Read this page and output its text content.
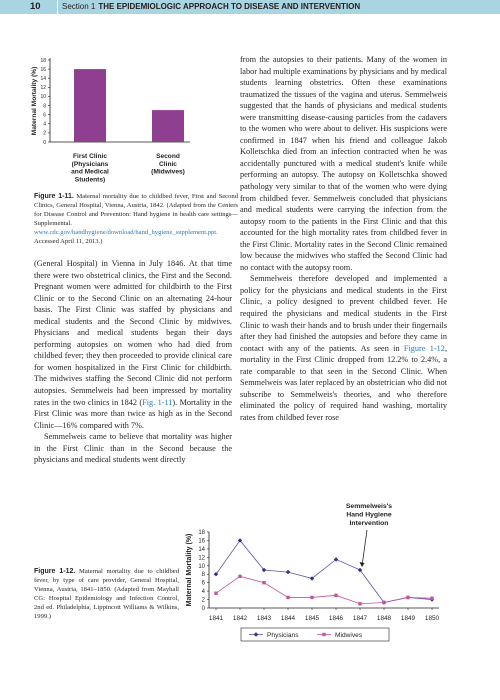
10	Section 1 THE EPIDEMIOLOGIC APPROACH TO DISEASE AND INTERVENTION
0
2
4
6
8
10
12
14
16
18
Maternal Mortality (%)
First Clinic
(Physicians
and Medical
Students)
Second
Clinic
(Midwives)
Figure 1-11. Maternal mortality due to childbed fever, First and Second Clinics, General Hospital, Vienna, Austria, 1842. (Adapted from the Centers for Disease Control and Prevention: Hand hygiene in health care settings—Supplemental. www.cdc.gov/handhygiene/download/hand_hygiene_supplement.ppt. Accessed April 11, 2013.)

(General Hospital) in Vienna in July 1846. At that time there were two obstetrical clinics, the First and the Second. Pregnant women were admitted for childbirth to the First Clinic or to the Second Clinic on an alternating 24-hour basis. The First Clinic was staffed by physicians and medical students and the Second Clinic by midwives. Physicians and medical students began their days performing autopsies on women who had died from childbed fever; they then proceeded to provide clinical care for women hospitalized in the First Clinic for childbirth. The midwives staffing the Second Clinic did not perform autopsies. Semmelweis had been impressed by mortality rates in the two clinics in 1842 (Fig. 1-11). Mortality in the First Clinic was more than twice as high as in the Second Clinic—16% compared with 7%.

Semmelweis came to believe that mortality was higher in the First Clinic than in the Second because the physicians and medical students went directly

from the autopsies to their patients. Many of the women in labor had multiple examinations by physicians and by medical students learning obstetrics. Often these examinations traumatized the tissues of the vagina and uterus. Semmelweis suggested that the hands of physicians and medical students were transmitting disease-causing particles from the cadavers to the women who were about to deliver. His suspicions were confirmed in 1847 when his friend and colleague Jakob Kolletschka died from an infection contracted when he was accidentally punctured with a medical student's knife while performing an autopsy. The autopsy on Kolletschka showed pathology very similar to that of the women who were dying from childbed fever. Semmelweis concluded that physicians and medical students were carrying the infection from the autopsy room to the patients in the First Clinic and that this accounted for the high mortality rates from childbed fever in the First Clinic. Mortality rates in the Second Clinic remained low because the midwives who staffed the Second Clinic had no contact with the autopsy room.

Semmelweis therefore developed and implemented a policy for the physicians and medical students in the First Clinic, a policy designed to prevent childbed fever. He required the physicians and medical students in the First Clinic to wash their hands and to brush under their fingernails after they had finished the autopsies and before they came in contact with any of the patients. As seen in Figure 1-12, mortality in the First Clinic dropped from 12.2% to 2.4%, a rate comparable to that seen in the Second Clinic. When Semmelweis was later replaced by an obstetrician who did not subscribe to Semmelweis's theories, and who therefore eliminated the policy of required hand washing, mortality rates from childbed fever rose

Figure 1-12. Maternal mortality due to childbed fever, by type of care provider, General Hospital, Vienna, Austria, 1841–1850. (Adapted from Mayhall CG: Hospital Epidemiology and Infection Control, 2nd ed. Philadelphia, Lippincott Williams & Wilkins, 1999.)
0
2
4
6
8
10
12
14
16
18
Maternal Mortality (%)
1841 1842 1843 1844 1845 1846 1847 1848 1849 1850
Semmelweis's
Hand Hygiene
Intervention
Physicians	Midwives
